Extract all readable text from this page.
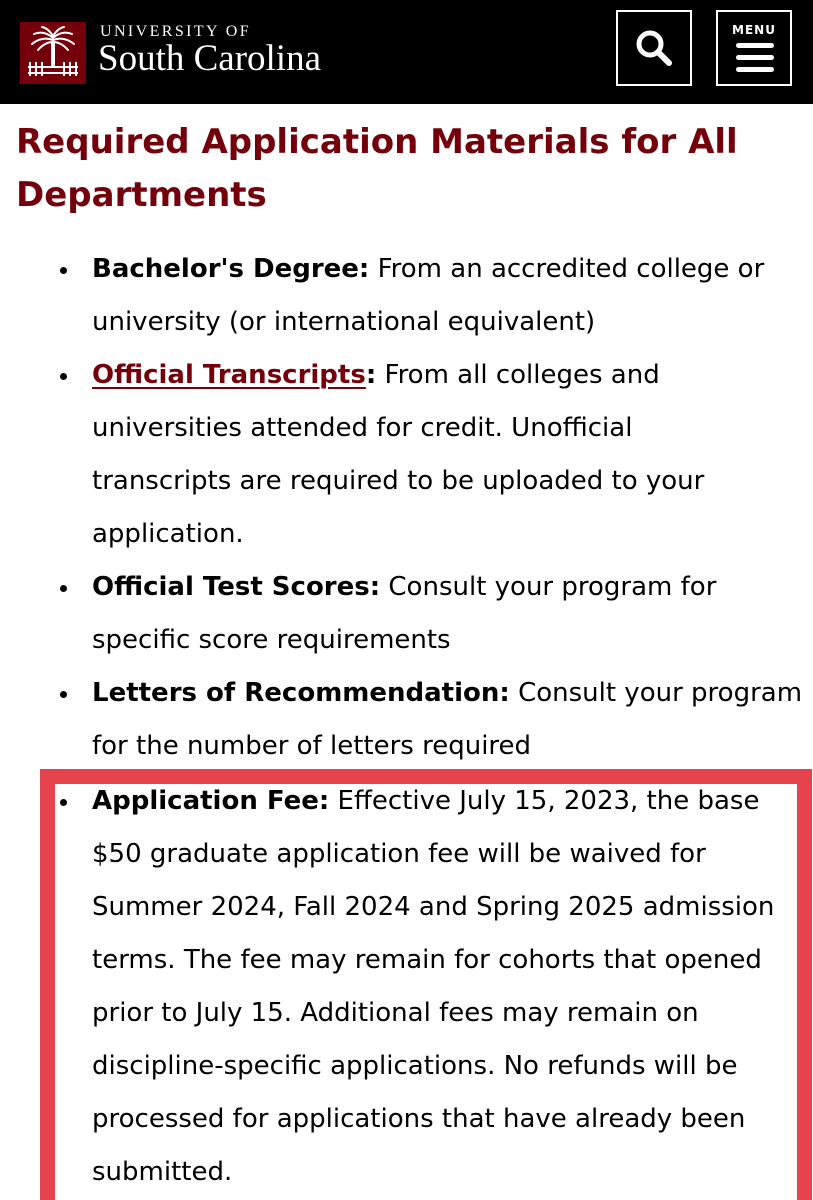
UNIVERSITY OF
South Carolina
MENU
Required Application Materials for All Departments
Bachelor's Degree: From an accredited college or
university (or international equivalent)
Official Transcripts: From all colleges and
universities attended for credit. Unofficial
transcripts are required to be uploaded to your
application.
Official Test Scores: Consult your program for
specific score requirements
Letters of Recommendation: Consult your program
for the number of letters required
Application Fee: Effective July 15, 2023, the base
$50 graduate application fee will be waived for
Summer 2024, Fall 2024 and Spring 2025 admission
terms. The fee may remain for cohorts that opened
prior to July 15. Additional fees may remain on
discipline-specific applications. No refunds will be
processed for applications that have already been
submitted.
